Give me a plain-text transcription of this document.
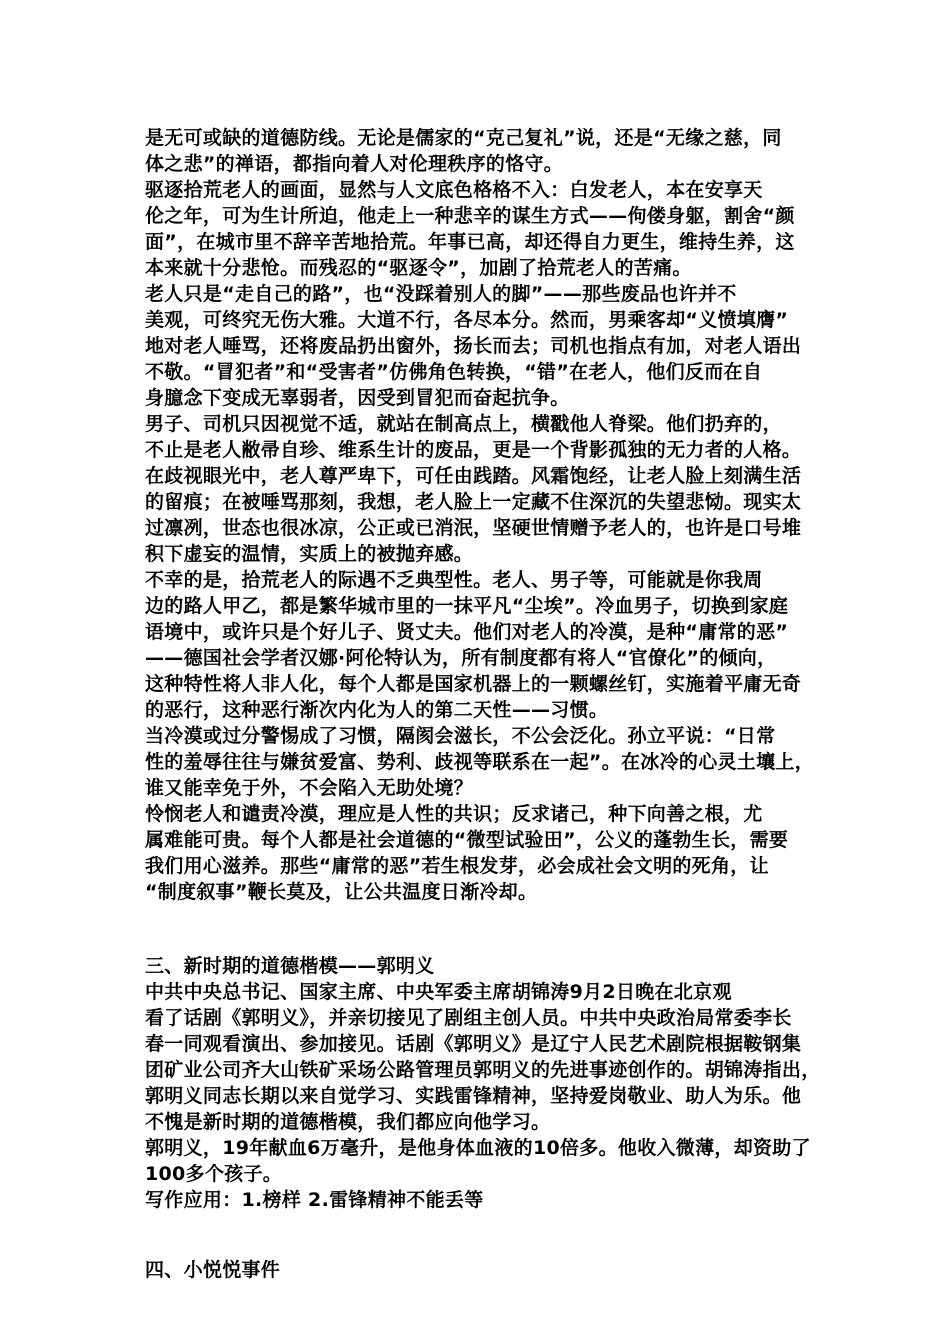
是无可或缺的道德防线。无论是儒家的“克己复礼”说，还是“无缘之慈，同

体之悲”的禅语，都指向着人对伦理秩序的恪守。

驱逐拾荒老人的画面，显然与人文底色格格不入：白发老人，本在安享天

伦之年，可为生计所迫，他走上一种悲辛的谋生方式——佝偻身躯，割舍“颜

面”，在城市里不辞辛苦地拾荒。年事已高，却还得自力更生，维持生养，这

本来就十分悲怆。而残忍的“驱逐令”，加剧了拾荒老人的苦痛。

老人只是“走自己的路”，也“没踩着别人的脚”——那些废品也许并不

美观，可终究无伤大雅。大道不行，各尽本分。然而，男乘客却“义愤填膺”

地对老人唾骂，还将废品扔出窗外，扬长而去；司机也指点有加，对老人语出

不敬。“冒犯者”和“受害者”仿佛角色转换，“错”在老人，他们反而在自

身臆念下变成无辜弱者，因受到冒犯而奋起抗争。

男子、司机只因视觉不适，就站在制高点上，横戳他人脊梁。他们扔弃的，

不止是老人敝帚自珍、维系生计的废品，更是一个背影孤独的无力者的人格。

在歧视眼光中，老人尊严卑下，可任由践踏。风霜饱经，让老人脸上刻满生活

的留痕；在被唾骂那刻，我想，老人脸上一定藏不住深沉的失望悲恸。现实太

过凛冽，世态也很冰凉，公正或已消泯，坚硬世情赠予老人的，也许是口号堆

积下虚妄的温情，实质上的被抛弃感。

不幸的是，拾荒老人的际遇不乏典型性。老人、男子等，可能就是你我周

边的路人甲乙，都是繁华城市里的一抹平凡“尘埃”。冷血男子，切换到家庭

语境中，或许只是个好儿子、贤丈夫。他们对老人的冷漠，是种“庸常的恶”

——德国社会学者汉娜·阿伦特认为，所有制度都有将人“官僚化”的倾向，

这种特性将人非人化，每个人都是国家机器上的一颗螺丝钉，实施着平庸无奇

的恶行，这种恶行渐次内化为人的第二天性——习惯。

当冷漠或过分警惕成了习惯，隔阂会滋长，不公会泛化。孙立平说：“日常

性的羞辱往往与嫌贫爱富、势利、歧视等联系在一起”。在冰冷的心灵土壤上，

谁又能幸免于外，不会陷入无助处境？

怜悯老人和谴责冷漠，理应是人性的共识；反求诸己，种下向善之根，尤

属难能可贵。每个人都是社会道德的“微型试验田”，公义的蓬勃生长，需要

我们用心滋养。那些“庸常的恶”若生根发芽，必会成社会文明的死角，让

“制度叙事”鞭长莫及，让公共温度日渐冷却。

三、新时期的道德楷模——郭明义

中共中央总书记、国家主席、中央军委主席胡锦涛9月2日晚在北京观

看了话剧《郭明义》，并亲切接见了剧组主创人员。中共中央政治局常委李长

春一同观看演出、参加接见。话剧《郭明义》是辽宁人民艺术剧院根据鞍钢集

团矿业公司齐大山铁矿采场公路管理员郭明义的先进事迹创作的。胡锦涛指出，

郭明义同志长期以来自觉学习、实践雷锋精神，坚持爱岗敬业、助人为乐。他

不愧是新时期的道德楷模，我们都应向他学习。

郭明义，19年献血6万毫升，是他身体血液的10倍多。他收入微薄，却资助了

100多个孩子。

写作应用：1.榜样 2.雷锋精神不能丢等

四、小悦悦事件
